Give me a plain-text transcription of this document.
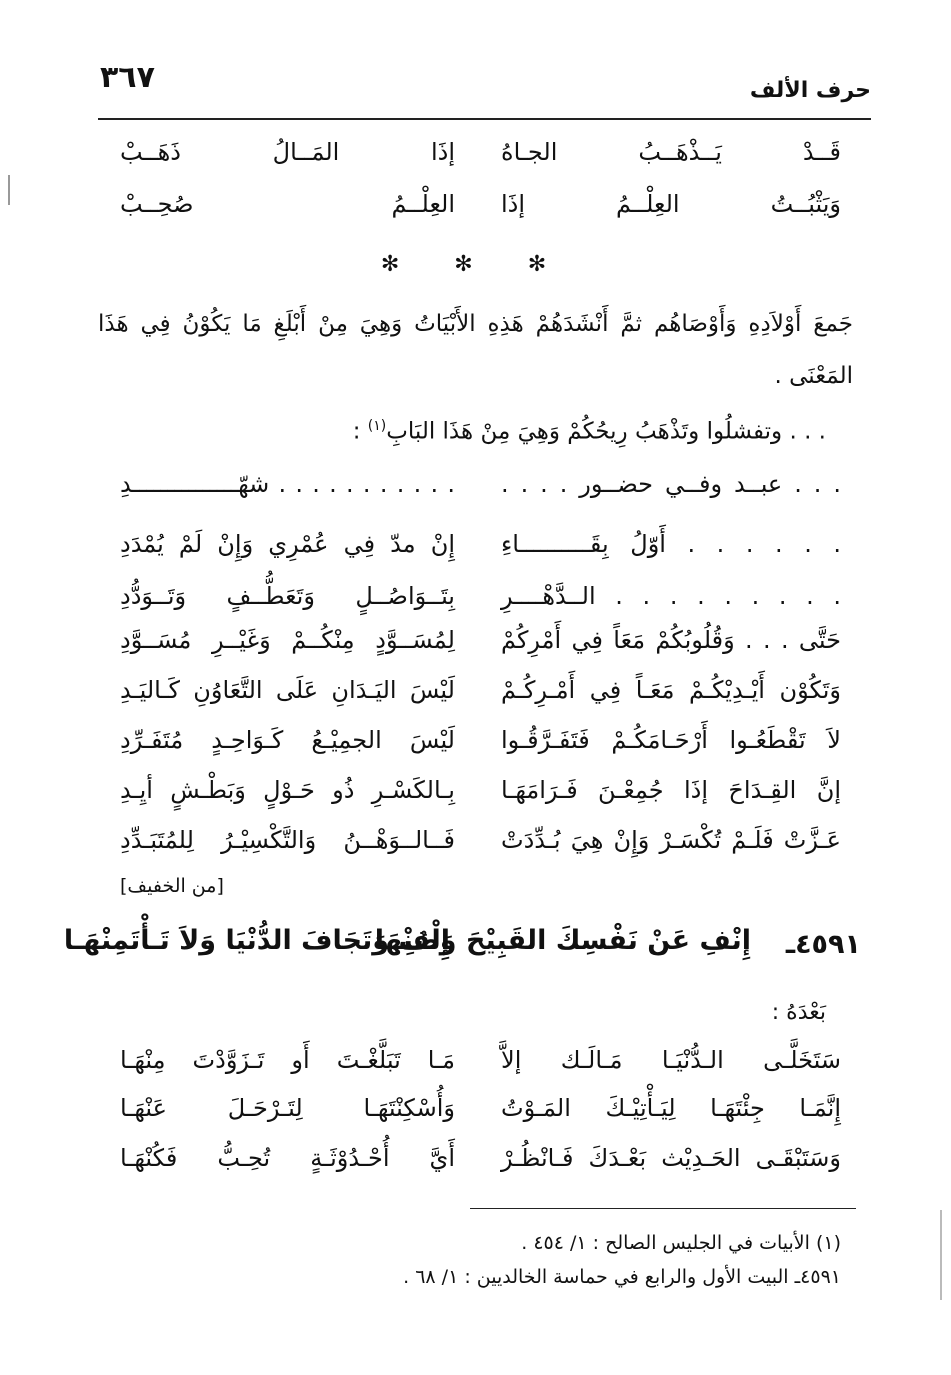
حرف الألف
٣٦٧
قَــدْ يَــذْهَــبُ الجـاهُ
إذَا المَــالُ ذَهَــبْ
وَيَثْبُــتُ العِلْــمُ إذَا
العِلْــمُ صُحِــبْ
✻ ✻ ✻
جَمعَ أَوْلاَدِهِ وَأَوْصَاهُم ثمَّ أَنْشَدَهُمْ هَذِهِ الأَبْيَاتُ وَهِيَ مِنْ أَبْلَغِ مَا يَكُوْنُ فِي هَذَا
المَعْنَى .
. . . وتفشلُوا وتَذْهَبُ رِيحُكُمْ وَهِيَ مِنْ هَذَا البَابِ$^{(١)}$ :
. . . عبــد وفــي حضــور . . . .
. . . . . . . . . . . شهّـــــــــــــــدِ
. . . . . . أَوّلُ بِقَــــــــــاءِ
إِنْ مدّ فِي عُمْرِي وَإِنْ لَمْ يُمْدَدِ
. . . . . . . . . الــدَّهْــــرِ
بِتَــوَاصُــلٍ وَتَعَطُّــفٍ وَتَــوَدُّدِ
حَتَّى . . . وَقُلُوبُكُمْ مَعَاً فِي أَمْرِكُمْ
لِمُسَــوَّدٍ مِنْكُــمْ وَغَيْــرِ مُسَــوَّدِ
وَتَكُوْن أَيْـدِيْكُـمْ مَعَـاً فِي أَمْـرِكُـمْ
لَيْسَ اليَـدَانِ عَلَى التَّعَاوُنِ كَـاليَـدِ
لاَ تَقْطَعُـوا أَرْحَـامَكُـمْ فَتَفَـرَّقُـوا
لَيْسَ الجمِيْـعُ كَـوَاحِـدٍ مُتَفَـرِّدِ
إنَّ القِـدَاحَ إذَا جُمِعْـنَ فَـرَامَهَـا
بِـالكَسْـرِ ذُو حَـوْلٍ وَبَطْـشٍ أيِـدِ
عَـزَّتْ فَلَـمْ تُكْسَـرْ وَإِنْ هِيَ بُـدِّدَتْ
فَــالــوَهْــنُ وَالتَّكْسِيْـرُ لِلمُتَبَـدِّدِ
[من الخفيف]
٤٥٩١ـ
إِنْفِ عَنْ نَفْسِكَ القَبِيْحَ وَصُنْهَا
إِلْفِ وَتَجَافَ الدُّنْيَا وَلاَ تَـأْتَمِنْهَـا
بَعْدَهُ :
سَتَخَلَّـى الـدُّنْيَـا مَـالَـك إلاَّ
مَـا تَبَلَّغْـتَ أَو تَـزَوَّدْتَ مِنْهَـا
إِنَّمَـا جِئْتَهَـا لِيَـأْتِيْـكَ المَـوْتُ
وَأُسْكِنْتَهَـا لِتَـرْحَـلَ عَنْهَـا
وَسَتَبْقَـى الحَـدِيْث بَعْـدَكَ فَـانْظُـرْ
أَيَّ أُحْـدُوْثَـةٍ تُحِـبُّ فَكُنْهَـا
(١) الأبيات في الجليس الصالح : ١/ ٤٥٤ .
٤٥٩١ـ البيت الأول والرابع في حماسة الخالديين : ١/ ٦٨ .
